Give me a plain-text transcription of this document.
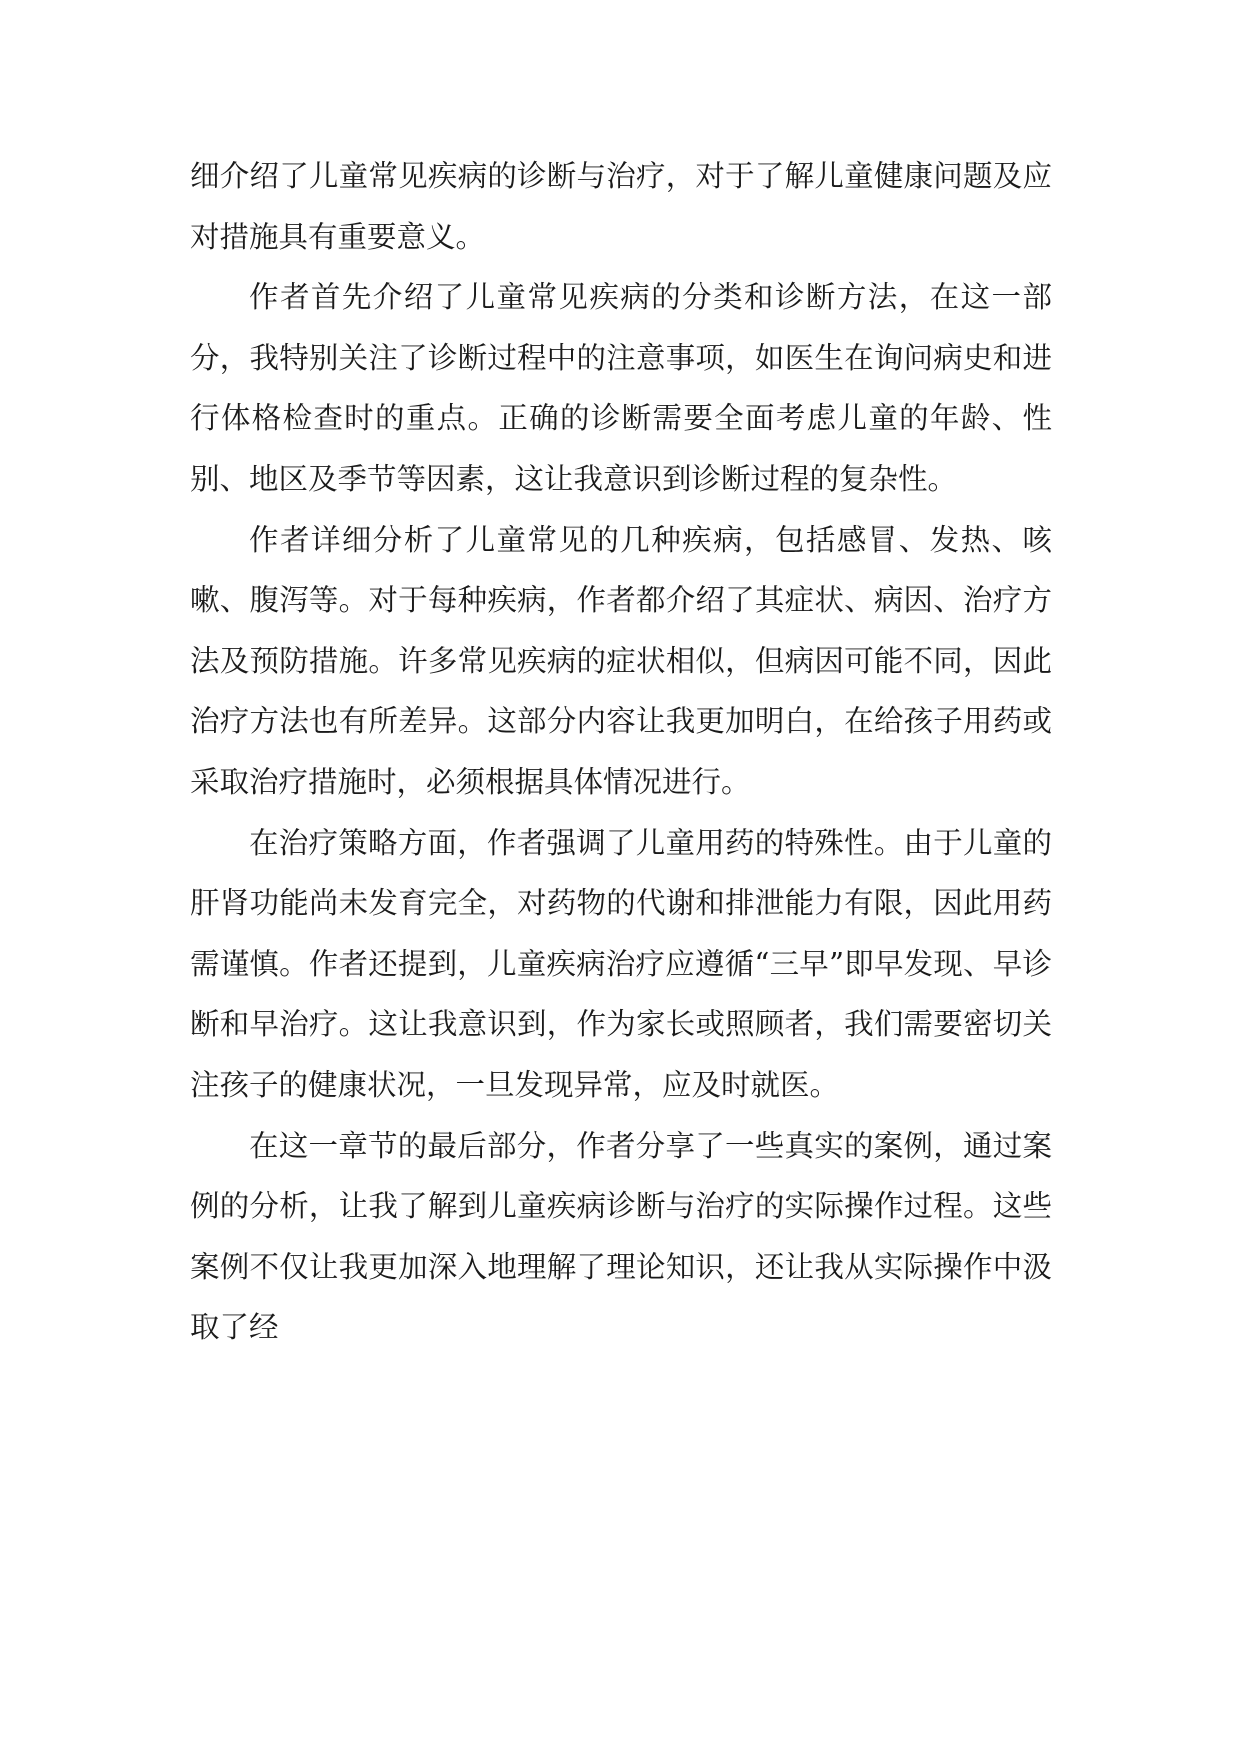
细介绍了儿童常见疾病的诊断与治疗，对于了解儿童健康问题及应对措施具有重要意义。

作者首先介绍了儿童常见疾病的分类和诊断方法，在这一部分，我特别关注了诊断过程中的注意事项，如医生在询问病史和进行体格检查时的重点。正确的诊断需要全面考虑儿童的年龄、性别、地区及季节等因素，这让我意识到诊断过程的复杂性。

作者详细分析了儿童常见的几种疾病，包括感冒、发热、咳嗽、腹泻等。对于每种疾病，作者都介绍了其症状、病因、治疗方法及预防措施。许多常见疾病的症状相似，但病因可能不同，因此治疗方法也有所差异。这部分内容让我更加明白，在给孩子用药或采取治疗措施时，必须根据具体情况进行。

在治疗策略方面，作者强调了儿童用药的特殊性。由于儿童的肝肾功能尚未发育完全，对药物的代谢和排泄能力有限，因此用药需谨慎。作者还提到，儿童疾病治疗应遵循“三早”即早发现、早诊断和早治疗。这让我意识到，作为家长或照顾者，我们需要密切关注孩子的健康状况，一旦发现异常，应及时就医。

在这一章节的最后部分，作者分享了一些真实的案例，通过案例的分析，让我了解到儿童疾病诊断与治疗的实际操作过程。这些案例不仅让我更加深入地理解了理论知识，还让我从实际操作中汲取了经
